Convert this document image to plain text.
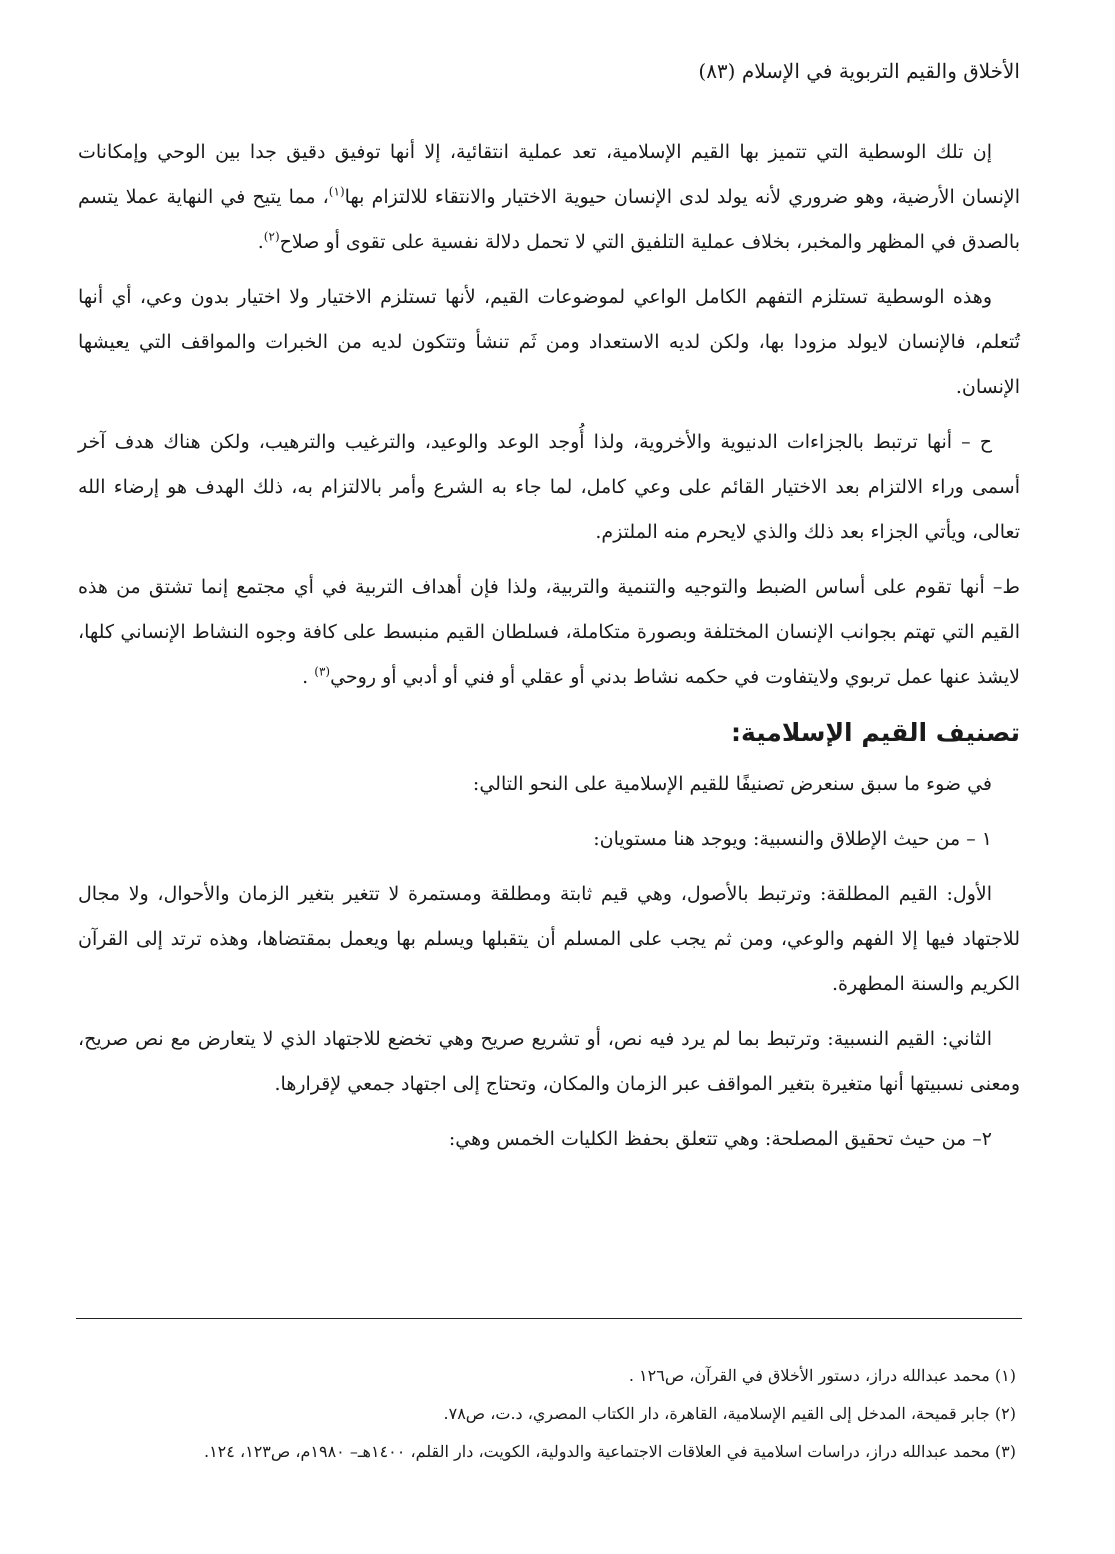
الأخلاق والقيم التربوية في الإسلام (٨٣)

إن تلك الوسطية التي تتميز بها القيم الإسلامية، تعد عملية انتقائية، إلا أنها توفيق دقيق جدا بين الوحي وإمكانات الإنسان الأرضية، وهو ضروري لأنه يولد لدى الإنسان حيوية الاختيار والانتقاء للالتزام بها$^{(١)}$، مما يتيح في النهاية عملا يتسم بالصدق في المظهر والمخبر، بخلاف عملية التلفيق التي لا تحمل دلالة نفسية على تقوى أو صلاح$^{(٢)}$.

وهذه الوسطية تستلزم التفهم الكامل الواعي لموضوعات القيم، لأنها تستلزم الاختيار ولا اختيار بدون وعي، أي أنها تُتعلم، فالإنسان لايولد مزودا بها، ولكن لديه الاستعداد ومن ثَم تنشأ وتتكون لديه من الخبرات والمواقف التي يعيشها الإنسان.

ح – أنها ترتبط بالجزاءات الدنيوية والأخروية، ولذا أُوجد الوعد والوعيد، والترغيب والترهيب، ولكن هناك هدف آخر أسمى وراء الالتزام بعد الاختيار القائم على وعي كامل، لما جاء به الشرع وأمر بالالتزام به، ذلك الهدف هو إرضاء الله تعالى، ويأتي الجزاء بعد ذلك والذي لايحرم منه الملتزم.

ط– أنها تقوم على أساس الضبط والتوجيه والتنمية والتربية، ولذا فإن أهداف التربية في أي مجتمع إنما تشتق من هذه القيم التي تهتم بجوانب الإنسان المختلفة وبصورة متكاملة، فسلطان القيم منبسط على كافة وجوه النشاط الإنساني كلها، لايشذ عنها عمل تربوي ولايتفاوت في حكمه نشاط بدني أو عقلي أو فني أو أدبي أو روحي$^{(٣)}$ .

تصنيف القيم الإسلامية:

في ضوء ما سبق سنعرض تصنيفًا للقيم الإسلامية على النحو التالي:

١ – من حيث الإطلاق والنسبية: ويوجد هنا مستويان:

الأول: القيم المطلقة: وترتبط بالأصول، وهي قيم ثابتة ومطلقة ومستمرة لا تتغير بتغير الزمان والأحوال، ولا مجال للاجتهاد فيها إلا الفهم والوعي، ومن ثم يجب على المسلم أن يتقبلها ويسلم بها ويعمل بمقتضاها، وهذه ترتد إلى القرآن الكريم والسنة المطهرة.

الثاني: القيم النسبية: وترتبط بما لم يرد فيه نص، أو تشريع صريح وهي تخضع للاجتهاد الذي لا يتعارض مع نص صريح، ومعنى نسبيتها أنها متغيرة بتغير المواقف عبر الزمان والمكان، وتحتاج إلى اجتهاد جمعي لإقرارها.

٢– من حيث تحقيق المصلحة: وهي تتعلق بحفظ الكليات الخمس وهي:

(١) محمد عبدالله دراز، دستور الأخلاق في القرآن، ص١٢٦ .

(٢) جابر قميحة، المدخل إلى القيم الإسلامية، القاهرة، دار الكتاب المصري، د.ت، ص٧٨.

(٣) محمد عبدالله دراز، دراسات اسلامية في العلاقات الاجتماعية والدولية، الكويت، دار القلم، ١٤٠٠هـ– ١٩٨٠م، ص١٢٣، ١٢٤.
